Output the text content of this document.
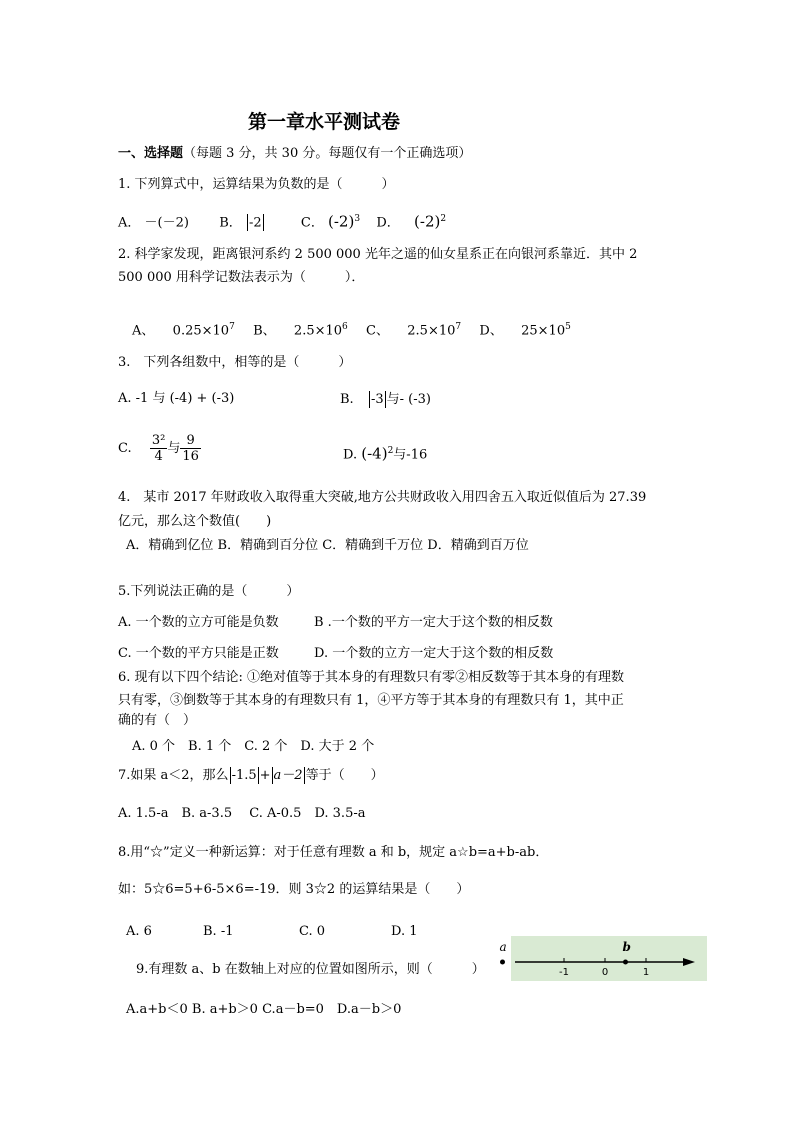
第一章水平测试卷
一、选择题（每题 3 分，共 30 分。每题仅有一个正确选项）
1. 下列算式中，运算结果为负数的是（　　　）
A． －(－2) B． -2	C． $(-2)^3$ D． $(-2)^2$
2. 科学家发现，距离银河系约 2 500 000 光年之遥的仙女星系正在向银河系靠近．其中 2
500 000 用科学记数法表示为（　　　）．
A、 $0.25\times 10^7$ B、 $2.5\times 10^6$ C、 $2.5\times 10^7$ D、 $25\times 10^5$
3.　下列各组数中，相等的是（　　　）
A. -1 与 (-4) + (-3)	B. -3 与- (-3)
C. $\frac{\text{3²}}{4}$ 与 $\frac{9}{16}$	D. $(-4)^2$与-16
4.　某市 2017 年财政收入取得重大突破,地方公共财政收入用四舍五入取近似值后为 27.39
亿元，那么这个数值(　　)
A．精确到亿位 B．精确到百分位 C．精确到千万位 D．精确到百万位
5.下列说法正确的是（　　　）
A. 一个数的立方可能是负数	B .一个数的平方一定大于这个数的相反数
C. 一个数的平方只能是正数	D. 一个数的立方一定大于这个数的相反数
6. 现有以下四个结论: ①绝对值等于其本身的有理数只有零②相反数等于其本身的有理数
只有零，③倒数等于其本身的有理数只有 1，④平方等于其本身的有理数只有 1，其中正
确的有（　）
A. 0 个　B. 1 个　C. 2 个　D. 大于 2 个
7.如果 a＜2，那么 -1.5 + a－2 等于（　　）
A. 1.5-a　B. a-3.5　 C. A-0.5　D. 3.5-a
8.用“☆”定义一种新运算：对于任意有理数 a 和 b，规定 a☆b=a+b-ab．
如：5☆6=5+6-5×6=-19．则 3☆2 的运算结果是（　　）
A. 6	B. -1	C. 0	D. 1
9.有理数 a、b 在数轴上对应的位置如图所示，则（　　　）
A.a+b＜0 B. a+b＞0 C.a－b=0　D.a－b＞0
-1	0	1
a	b
